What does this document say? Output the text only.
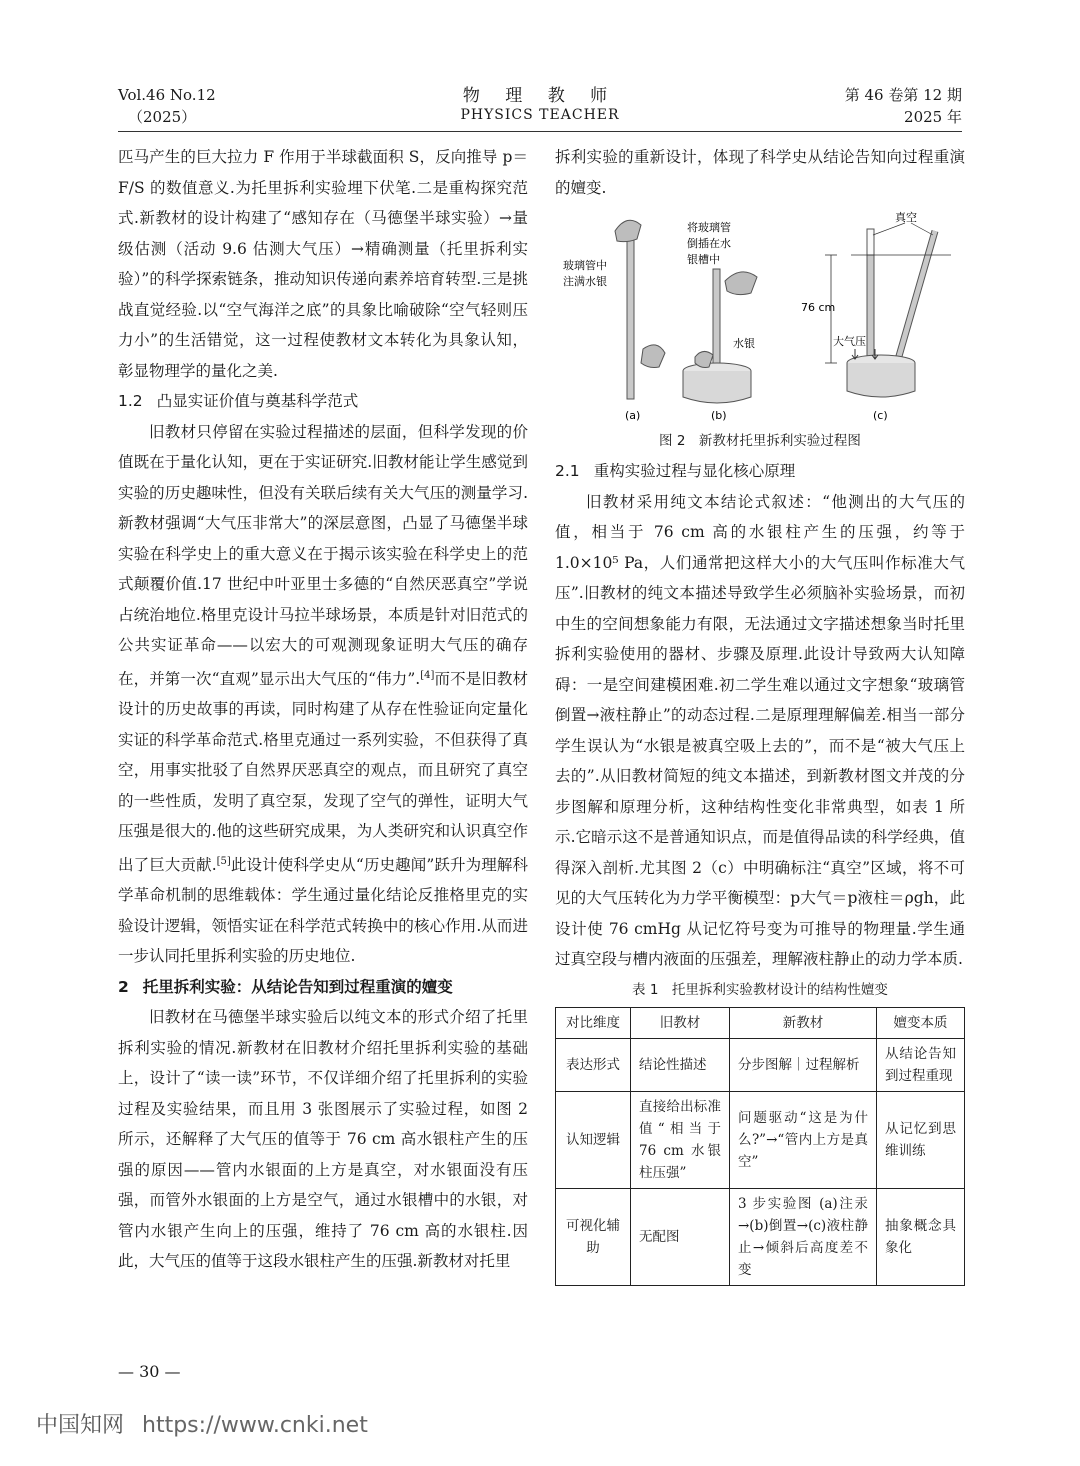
Vol.46 No.12
（2025）
物 理 教 师
PHYSICS TEACHER
第 46 卷第 12 期
2025 年

匹马产生的巨大拉力 F 作用于半球截面积 S，反向推导 p＝F/S 的数值意义.为托里拆利实验埋下伏笔.二是重构探究范式.新教材的设计构建了“感知存在（马德堡半球实验）→量级估测（活动 9.6 估测大气压）→精确测量（托里拆利实验）”的科学探索链条，推动知识传递向素养培育转型.三是挑战直觉经验.以“空气海洋之底”的具象比喻破除“空气轻则压力小”的生活错觉，这一过程使教材文本转化为具象认知，彰显物理学的量化之美.

1.2 凸显实证价值与奠基科学范式

旧教材只停留在实验过程描述的层面，但科学发现的价值既在于量化认知，更在于实证研究.旧教材能让学生感觉到实验的历史趣味性，但没有关联后续有关大气压的测量学习.新教材强调“大气压非常大”的深层意图，凸显了马德堡半球实验在科学史上的重大意义在于揭示该实验在科学史上的范式颠覆价值.17 世纪中叶亚里士多德的“自然厌恶真空”学说占统治地位.格里克设计马拉半球场景，本质是针对旧范式的公共实证革命——以宏大的可观测现象证明大气压的确存在，并第一次“直观”显示出大气压的“伟力”.[4]而不是旧教材设计的历史故事的再读，同时构建了从存在性验证向定量化实证的科学革命范式.格里克通过一系列实验，不但获得了真空，用事实批驳了自然界厌恶真空的观点，而且研究了真空的一些性质，发明了真空泵，发现了空气的弹性，证明大气压强是很大的.他的这些研究成果，为人类研究和认识真空作出了巨大贡献.[5]此设计使科学史从“历史趣闻”跃升为理解科学革命机制的思维载体：学生通过量化结论反推格里克的实验设计逻辑，领悟实证在科学范式转换中的核心作用.从而进一步认同托里拆利实验的历史地位.

2 托里拆利实验：从结论告知到过程重演的嬗变

旧教材在马德堡半球实验后以纯文本的形式介绍了托里拆利实验的情况.新教材在旧教材介绍托里拆利实验的基础上，设计了“读一读”环节，不仅详细介绍了托里拆利的实验过程及实验结果，而且用 3 张图展示了实验过程，如图 2 所示，还解释了大气压的值等于 76 cm 高水银柱产生的压强的原因——管内水银面的上方是真空，对水银面没有压强，而管外水银面的上方是空气，通过水银槽中的水银，对管内水银产生向上的压强，维持了 76 cm 高的水银柱.因此，大气压的值等于这段水银柱产生的压强.新教材对托里

拆利实验的重新设计，体现了科学史从结论告知向过程重演的嬗变.

玻璃管中
注满水银
(a)
将玻璃管
倒插在水
银槽中
水银
(b)
76 cm
大气压
真空
(c)
图 2　新教材托里拆利实验过程图
2.1 重构实验过程与显化核心原理

旧教材采用纯文本结论式叙述：“他测出的大气压的值，相当于 76 cm 高的水银柱产生的压强，约等于 1.0×10⁵ Pa，人们通常把这样大小的大气压叫作标准大气压”.旧教材的纯文本描述导致学生必须脑补实验场景，而初中生的空间想象能力有限，无法通过文字描述想象当时托里拆利实验使用的器材、步骤及原理.此设计导致两大认知障碍：一是空间建模困难.初二学生难以通过文字想象“玻璃管倒置→液柱静止”的动态过程.二是原理理解偏差.相当一部分学生误认为“水银是被真空吸上去的”，而不是“被大气压上去的”.从旧教材简短的纯文本描述，到新教材图文并茂的分步图解和原理分析，这种结构性变化非常典型，如表 1 所示.它暗示这不是普通知识点，而是值得品读的科学经典，值得深入剖析.尤其图 2（c）中明确标注“真空”区域，将不可见的大气压转化为力学平衡模型：p大气＝p液柱＝ρgh，此设计使 76 cmHg 从记忆符号变为可推导的物理量.学生通过真空段与槽内液面的压强差，理解液柱静止的动力学本质.

表 1　托里拆利实验教材设计的结构性嬗变
对比维度	旧教材	新教材	嬗变本质
表达形式	结论性描述	分步图解｜过程解析	从结论告知到过程重现
认知逻辑	直接给出标准值“相当于 76 cm 水银柱压强”	问题驱动“这是为什么?”→“管内上方是真空”	从记忆到思维训练
可视化辅助	无配图	3 步实验图 (a)注汞→(b)倒置→(c)液柱静止→倾斜后高度差不变	抽象概念具象化
— 30 —
中国知网 https://www.cnki.net
